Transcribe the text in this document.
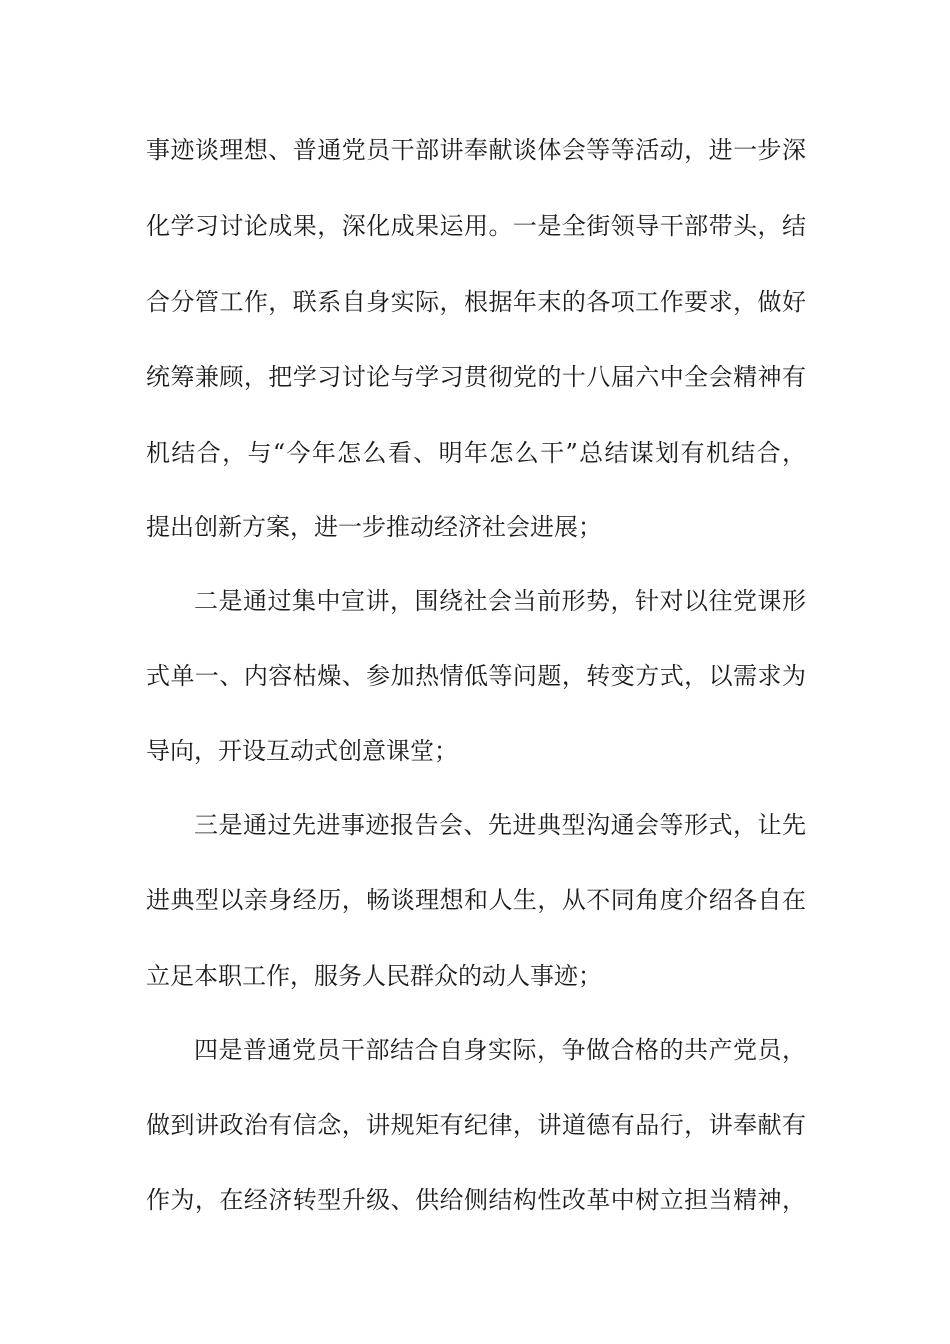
事迹谈理想、普通党员干部讲奉献谈体会等等活动，进一步深
化学习讨论成果，深化成果运用。一是全街领导干部带头，结
合分管工作，联系自身实际，根据年末的各项工作要求，做好
统筹兼顾，把学习讨论与学习贯彻党的十八届六中全会精神有
机结合，与“今年怎么看、明年怎么干”总结谋划有机结合，
提出创新方案，进一步推动经济社会进展；
二是通过集中宣讲，围绕社会当前形势，针对以往党课形
式单一、内容枯燥、参加热情低等问题，转变方式，以需求为
导向，开设互动式创意课堂；
三是通过先进事迹报告会、先进典型沟通会等形式，让先
进典型以亲身经历，畅谈理想和人生，从不同角度介绍各自在
立足本职工作，服务人民群众的动人事迹；
四是普通党员干部结合自身实际，争做合格的共产党员，
做到讲政治有信念，讲规矩有纪律，讲道德有品行，讲奉献有
作为，在经济转型升级、供给侧结构性改革中树立担当精神，
